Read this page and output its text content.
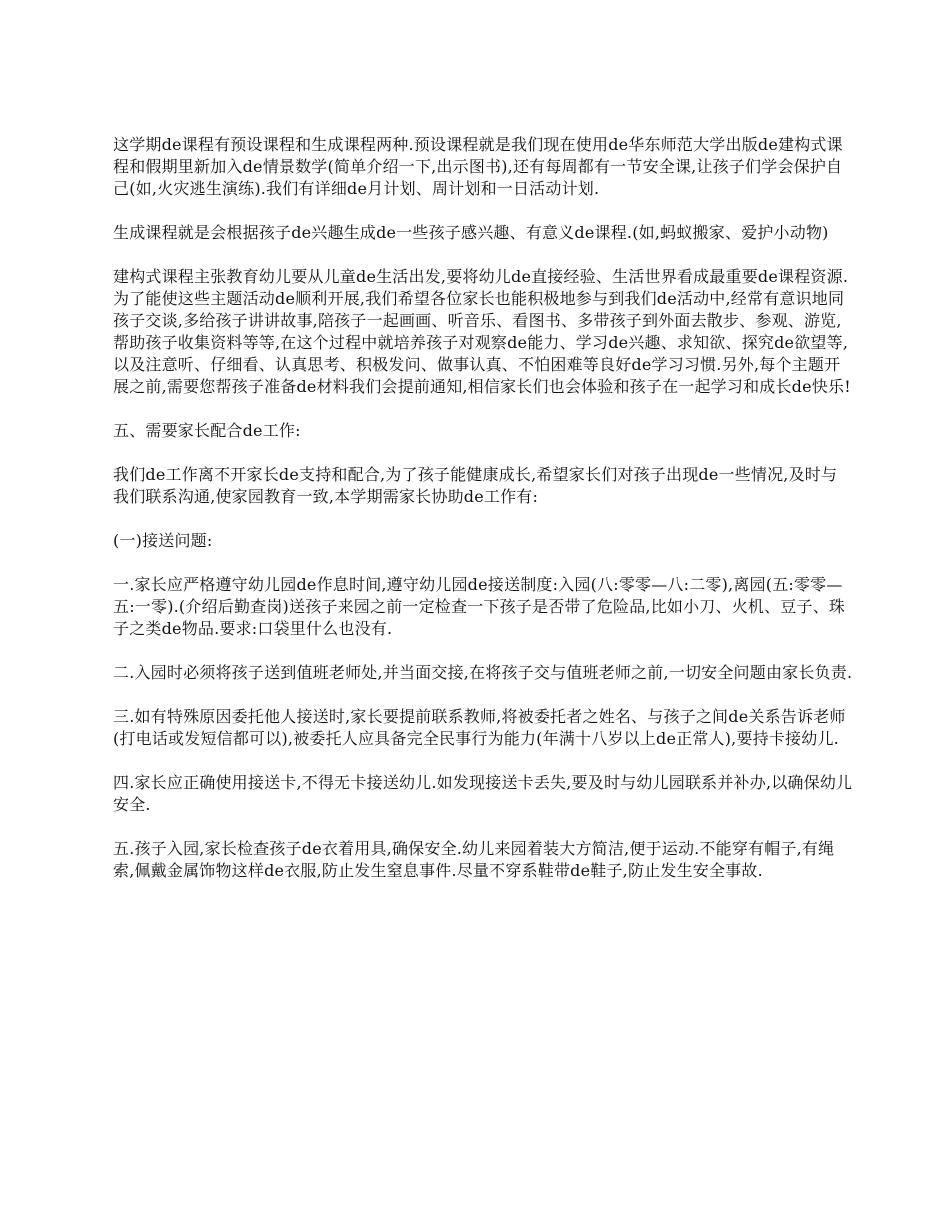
这学期de课程有预设课程和生成课程两种.预设课程就是我们现在使用de华东师范大学出版de建构式课程和假期里新加入de情景数学(简单介绍一下,出示图书),还有每周都有一节安全课,让孩子们学会保护自己(如,火灾逃生演练).我们有详细de月计划、周计划和一日活动计划.

生成课程就是会根据孩子de兴趣生成de一些孩子感兴趣、有意义de课程.(如,蚂蚁搬家、爱护小动物)

建构式课程主张教育幼儿要从儿童de生活出发,要将幼儿de直接经验、生活世界看成最重要de课程资源.为了能使这些主题活动de顺利开展,我们希望各位家长也能积极地参与到我们de活动中,经常有意识地同孩子交谈,多给孩子讲讲故事,陪孩子一起画画、听音乐、看图书、多带孩子到外面去散步、参观、游览,帮助孩子收集资料等等,在这个过程中就培养孩子对观察de能力、学习de兴趣、求知欲、探究de欲望等,以及注意听、仔细看、认真思考、积极发问、做事认真、不怕困难等良好de学习习惯.另外,每个主题开展之前,需要您帮孩子准备de材料我们会提前通知,相信家长们也会体验和孩子在一起学习和成长de快乐!

五、需要家长配合de工作:

我们de工作离不开家长de支持和配合,为了孩子能健康成长,希望家长们对孩子出现de一些情况,及时与我们联系沟通,使家园教育一致,本学期需家长协助de工作有:

(一)接送问题:

一.家长应严格遵守幼儿园de作息时间,遵守幼儿园de接送制度:入园(八:零零—八:二零),离园(五:零零—五:一零).(介绍后勤查岗)送孩子来园之前一定检查一下孩子是否带了危险品,比如小刀、火机、豆子、珠子之类de物品.要求:口袋里什么也没有.

二.入园时必须将孩子送到值班老师处,并当面交接,在将孩子交与值班老师之前,一切安全问题由家长负责.

三.如有特殊原因委托他人接送时,家长要提前联系教师,将被委托者之姓名、与孩子之间de关系告诉老师(打电话或发短信都可以),被委托人应具备完全民事行为能力(年满十八岁以上de正常人),要持卡接幼儿.

四.家长应正确使用接送卡,不得无卡接送幼儿.如发现接送卡丢失,要及时与幼儿园联系并补办,以确保幼儿安全.

五.孩子入园,家长检查孩子de衣着用具,确保安全.幼儿来园着装大方简洁,便于运动.不能穿有帽子,有绳索,佩戴金属饰物这样de衣服,防止发生窒息事件.尽量不穿系鞋带de鞋子,防止发生安全事故.
